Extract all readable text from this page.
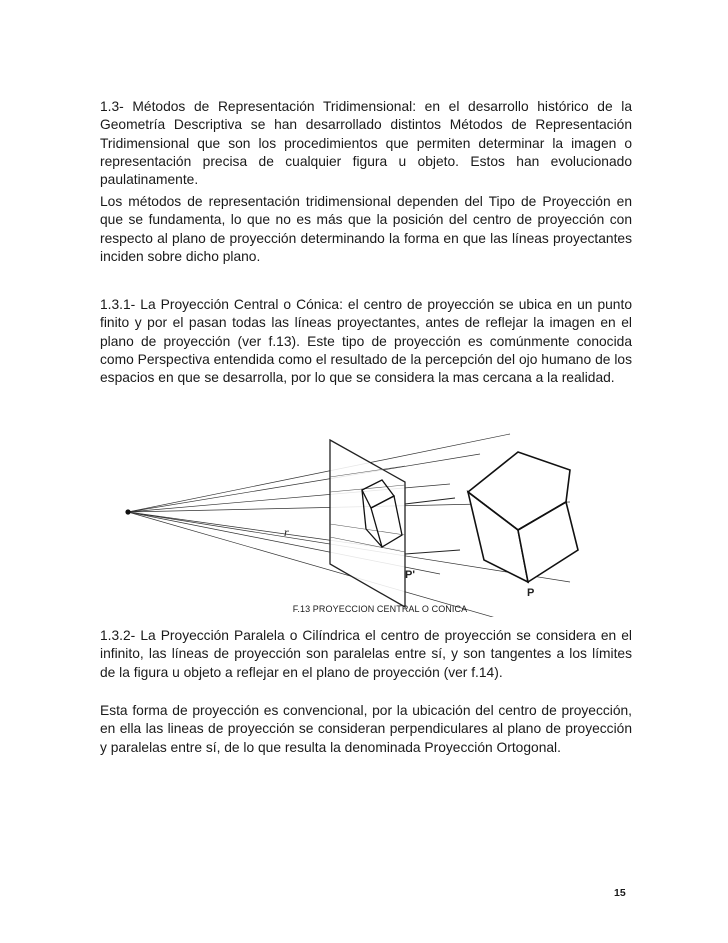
1.3- Métodos de Representación Tridimensional: en el desarrollo histórico de la Geometría Descriptiva se han desarrollado distintos Métodos de Representación Tridimensional que son los procedimientos que permiten determinar la imagen o representación precisa de cualquier figura u objeto. Estos han evolucionado paulatinamente.

Los métodos de representación tridimensional dependen del Tipo de Proyección en que se fundamenta, lo que no es más que la posición del centro de proyección con respecto al plano de proyección determinando la forma en que las líneas proyectantes inciden sobre dicho plano.

1.3.1- La Proyección Central o Cónica: el centro de proyección se ubica en un punto finito y por el pasan todas las líneas proyectantes, antes de reflejar la imagen en el plano de proyección (ver f.13). Este tipo de proyección es comúnmente conocida como Perspectiva entendida como el resultado de la percepción del ojo humano de los espacios en que se desarrolla, por lo que se considera la mas cercana a la realidad.

r
P'
P

F.13 PROYECCION CENTRAL O CONICA

1.3.2- La Proyección Paralela o Cilíndrica el centro de proyección se considera en el infinito, las líneas de proyección son paralelas entre sí, y son tangentes a los límites de la figura u objeto a reflejar en el plano de proyección (ver f.14).

Esta forma de proyección es convencional, por la ubicación del centro de proyección, en ella las lineas de proyección se consideran perpendiculares al plano de proyección y paralelas entre sí, de lo que resulta la denominada Proyección Ortogonal.

15
